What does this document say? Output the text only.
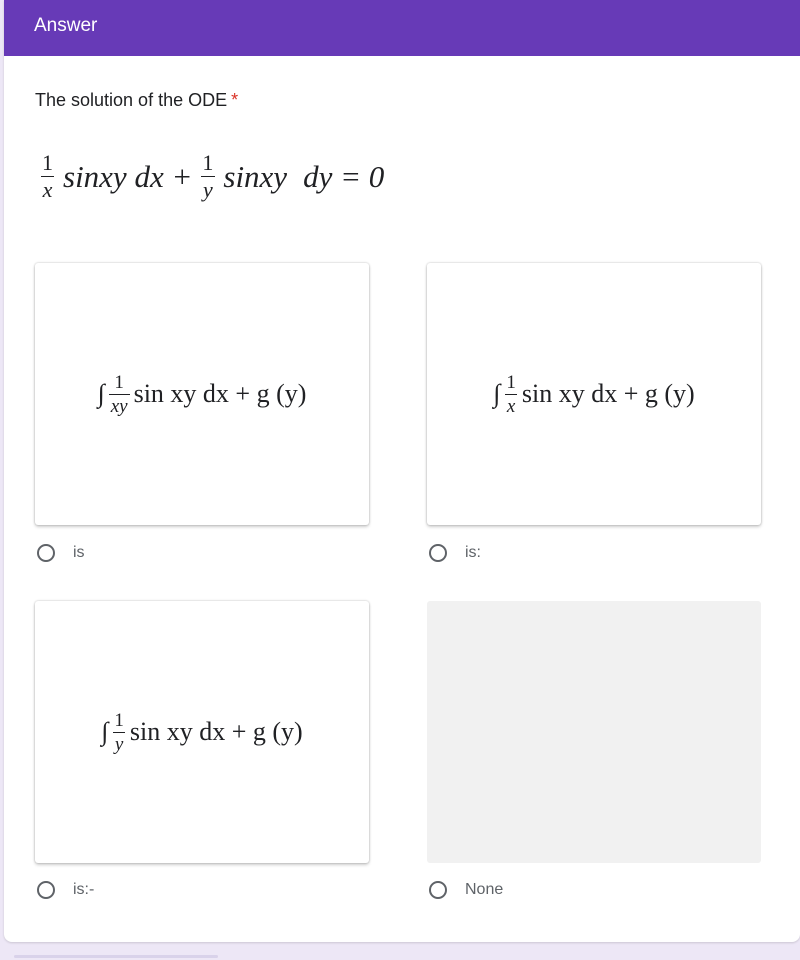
Answer
The solution of the ODE *
$\frac{1}{x}$ sinxy dx + $\frac{1}{y}$ sinxy dy = 0
∫ $\frac{1}{xy}$ sin xy dx + g (y)
is
∫ $\frac{1}{x}$ sin xy dx + g (y)
is:
∫ $\frac{1}{y}$ sin xy dx + g (y)
is:-	None
